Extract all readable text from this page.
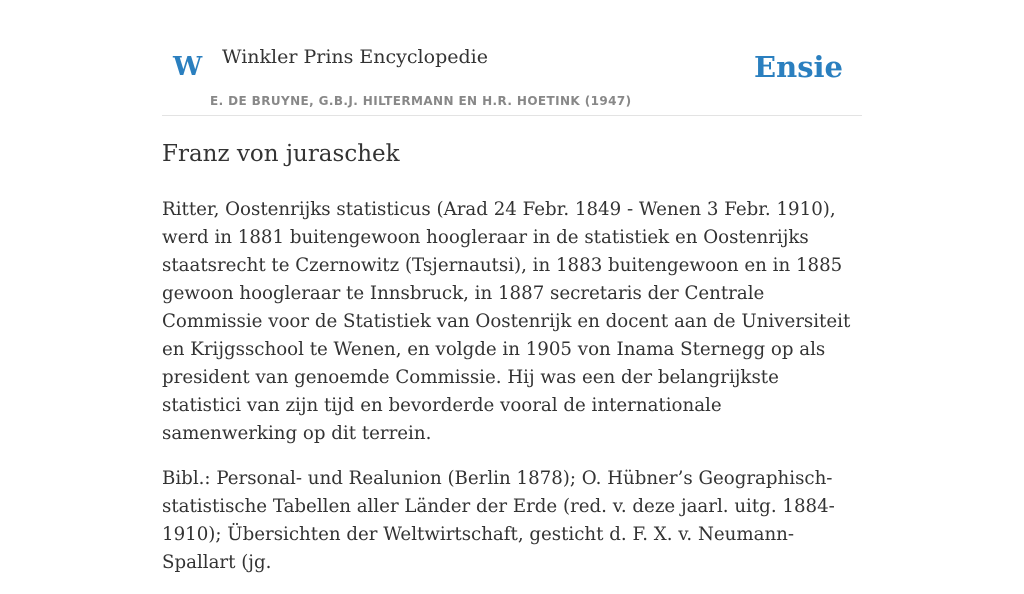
W Winkler Prins Encyclopedie
E. DE BRUYNE, G.B.J. HILTERMANN EN H.R. HOETINK (1947)
Ensie
Franz von juraschek

Ritter, Oostenrijks statisticus (Arad 24 Febr. 1849 - Wenen 3 Febr. 1910), werd in 1881 buitengewoon hoogleraar in de statistiek en Oostenrijks staatsrecht te Czernowitz (Tsjernautsi), in 1883 buitengewoon en in 1885 gewoon hoogleraar te Innsbruck, in 1887 secretaris der Centrale Commissie voor de Statistiek van Oostenrijk en docent aan de Universiteit en Krijgsschool te Wenen, en volgde in 1905 von Inama Sternegg op als president van genoemde Commissie. Hij was een der belangrijkste statistici van zijn tijd en bevorderde vooral de internationale samenwerking op dit terrein.

Bibl.: Personal- und Realunion (Berlin 1878); O. Hübner’s Geographisch-statistische Tabellen aller Länder der Erde (red. v. deze jaarl. uitg. 1884-1910); Übersichten der Weltwirtschaft, gesticht d. F. X. v. Neumann-Spallart (jg.
